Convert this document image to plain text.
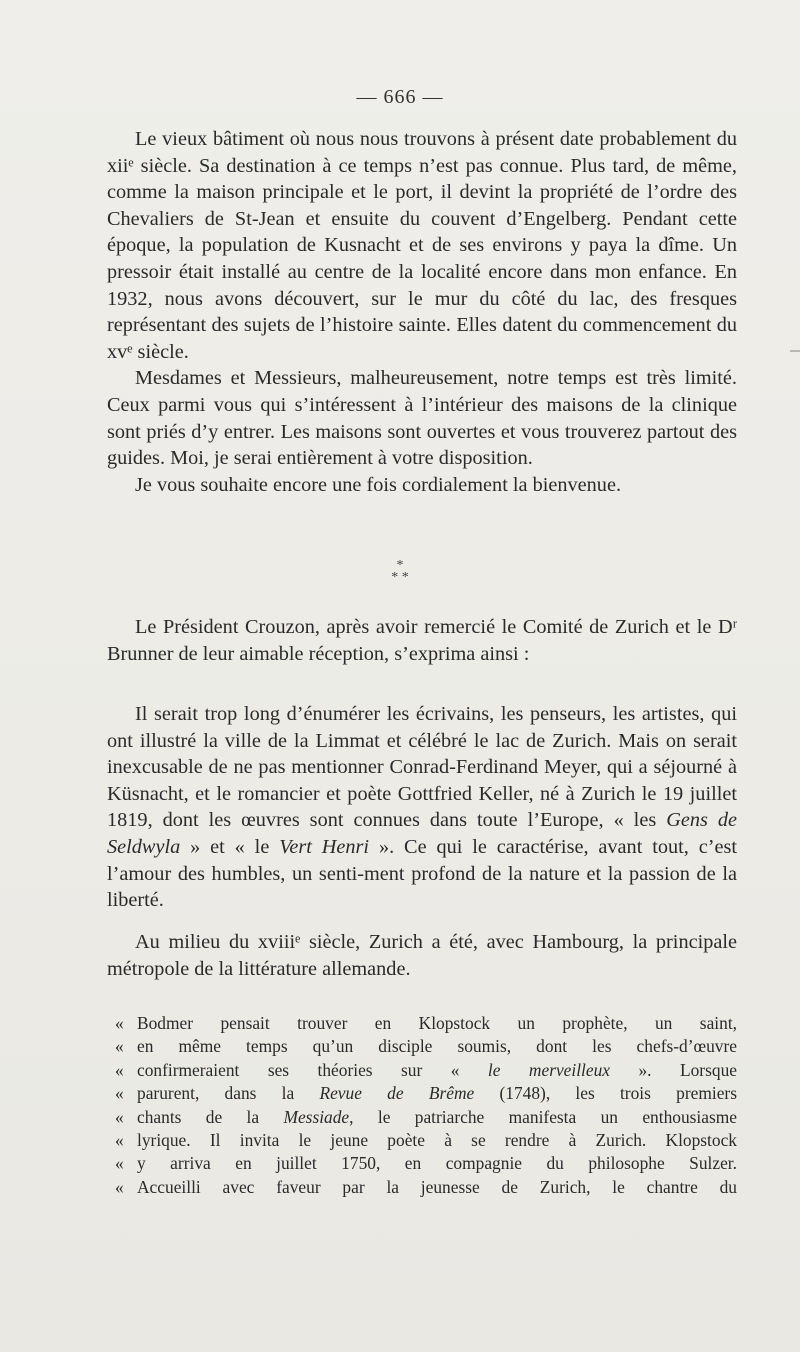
— 666 —

Le vieux bâtiment où nous nous trouvons à présent date probablement du xiiᵉ siècle. Sa destination à ce temps n’est pas connue. Plus tard, de même, comme la maison principale et le port, il devint la propriété de l’ordre des Chevaliers de St-Jean et ensuite du couvent d’Engelberg. Pendant cette époque, la population de Kusnacht et de ses environs y paya la dîme. Un pressoir était installé au centre de la localité encore dans mon enfance. En 1932, nous avons découvert, sur le mur du côté du lac, des fresques représentant des sujets de l’histoire sainte. Elles datent du commencement du xvᵉ siècle.

Mesdames et Messieurs, malheureusement, notre temps est très limité. Ceux parmi vous qui s’intéressent à l’intérieur des maisons de la clinique sont priés d’y entrer. Les maisons sont ouvertes et vous trouverez partout des guides. Moi, je serai entièrement à votre disposition.

Je vous souhaite encore une fois cordialement la bienvenue.

*
* *

Le Président Crouzon, après avoir remercié le Comité de Zurich et le Dʳ Brunner de leur aimable réception, s’exprima ainsi :

Il serait trop long d’énumérer les écrivains, les penseurs, les artistes, qui ont illustré la ville de la Limmat et célébré le lac de Zurich. Mais on serait inexcusable de ne pas mentionner Conrad-Ferdinand Meyer, qui a séjourné à Küsnacht, et le romancier et poète Gottfried Keller, né à Zurich le 19 juillet 1819, dont les œuvres sont connues dans toute l’Europe, « les Gens de Seldwyla » et « le Vert Henri ». Ce qui le caractérise, avant tout, c’est l’amour des humbles, un senti-ment profond de la nature et la passion de la liberté.

Au milieu du xviiiᵉ siècle, Zurich a été, avec Hambourg, la principale métropole de la littérature allemande.

« Bodmer pensait trouver en Klopstock un prophète, un saint,
« en même temps qu’un disciple soumis, dont les chefs-d’œuvre
« confirmeraient ses théories sur « le merveilleux ». Lorsque
« parurent, dans la Revue de Brême (1748), les trois premiers
« chants de la Messiade, le patriarche manifesta un enthousiasme
« lyrique. Il invita le jeune poète à se rendre à Zurich. Klopstock
« y arriva en juillet 1750, en compagnie du philosophe Sulzer.
« Accueilli avec faveur par la jeunesse de Zurich, le chantre du
